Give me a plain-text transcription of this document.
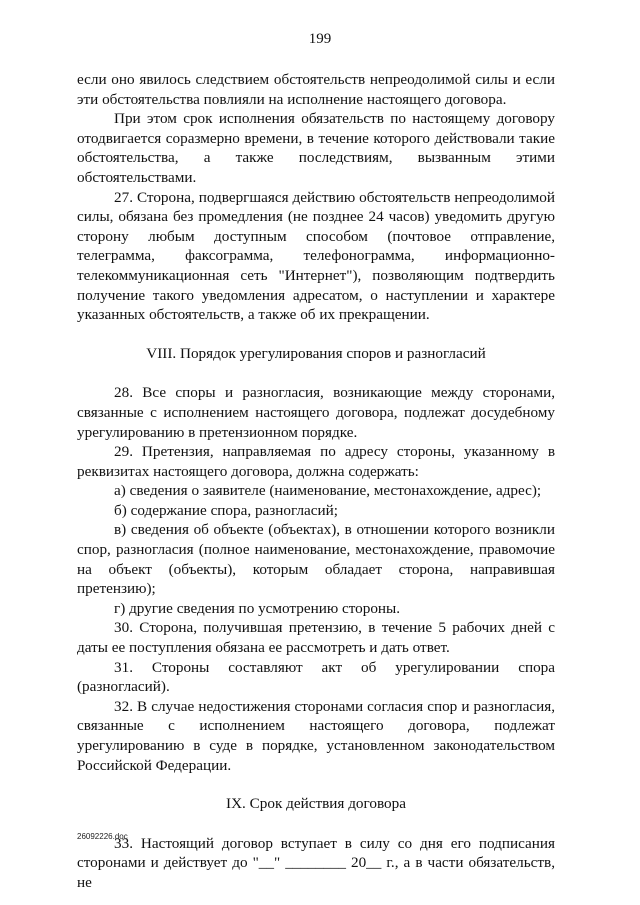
199

если оно явилось следствием обстоятельств непреодолимой силы и если эти обстоятельства повлияли на исполнение настоящего договора.

При этом срок исполнения обязательств по настоящему договору отодвигается соразмерно времени, в течение которого действовали такие обстоятельства, а также последствиям, вызванным этими обстоятельствами.

27. Сторона, подвергшаяся действию обстоятельств непреодолимой силы, обязана без промедления (не позднее 24 часов) уведомить другую сторону любым доступным способом (почтовое отправление, телеграмма, факсограмма, телефонограмма, информационно-телекоммуникационная сеть "Интернет"), позволяющим подтвердить получение такого уведомления адресатом, о наступлении и характере указанных обстоятельств, а также об их прекращении.

VIII. Порядок урегулирования споров и разногласий

28. Все споры и разногласия, возникающие между сторонами, связанные с исполнением настоящего договора, подлежат досудебному урегулированию в претензионном порядке.

29. Претензия, направляемая по адресу стороны, указанному в реквизитах настоящего договора, должна содержать:

а) сведения о заявителе (наименование, местонахождение, адрес);

б) содержание спора, разногласий;

в) сведения об объекте (объектах), в отношении которого возникли спор, разногласия (полное наименование, местонахождение, правомочие на объект (объекты), которым обладает сторона, направившая претензию);

г) другие сведения по усмотрению стороны.

30. Сторона, получившая претензию, в течение 5 рабочих дней с даты ее поступления обязана ее рассмотреть и дать ответ.

31. Стороны составляют акт об урегулировании спора (разногласий).

32. В случае недостижения сторонами согласия спор и разногласия, связанные с исполнением настоящего договора, подлежат урегулированию в суде в порядке, установленном законодательством Российской Федерации.

IX. Срок действия договора

33. Настоящий договор вступает в силу со дня его подписания сторонами и действует до "__" ________ 20__ г., а в части обязательств, не

26092226.doc
